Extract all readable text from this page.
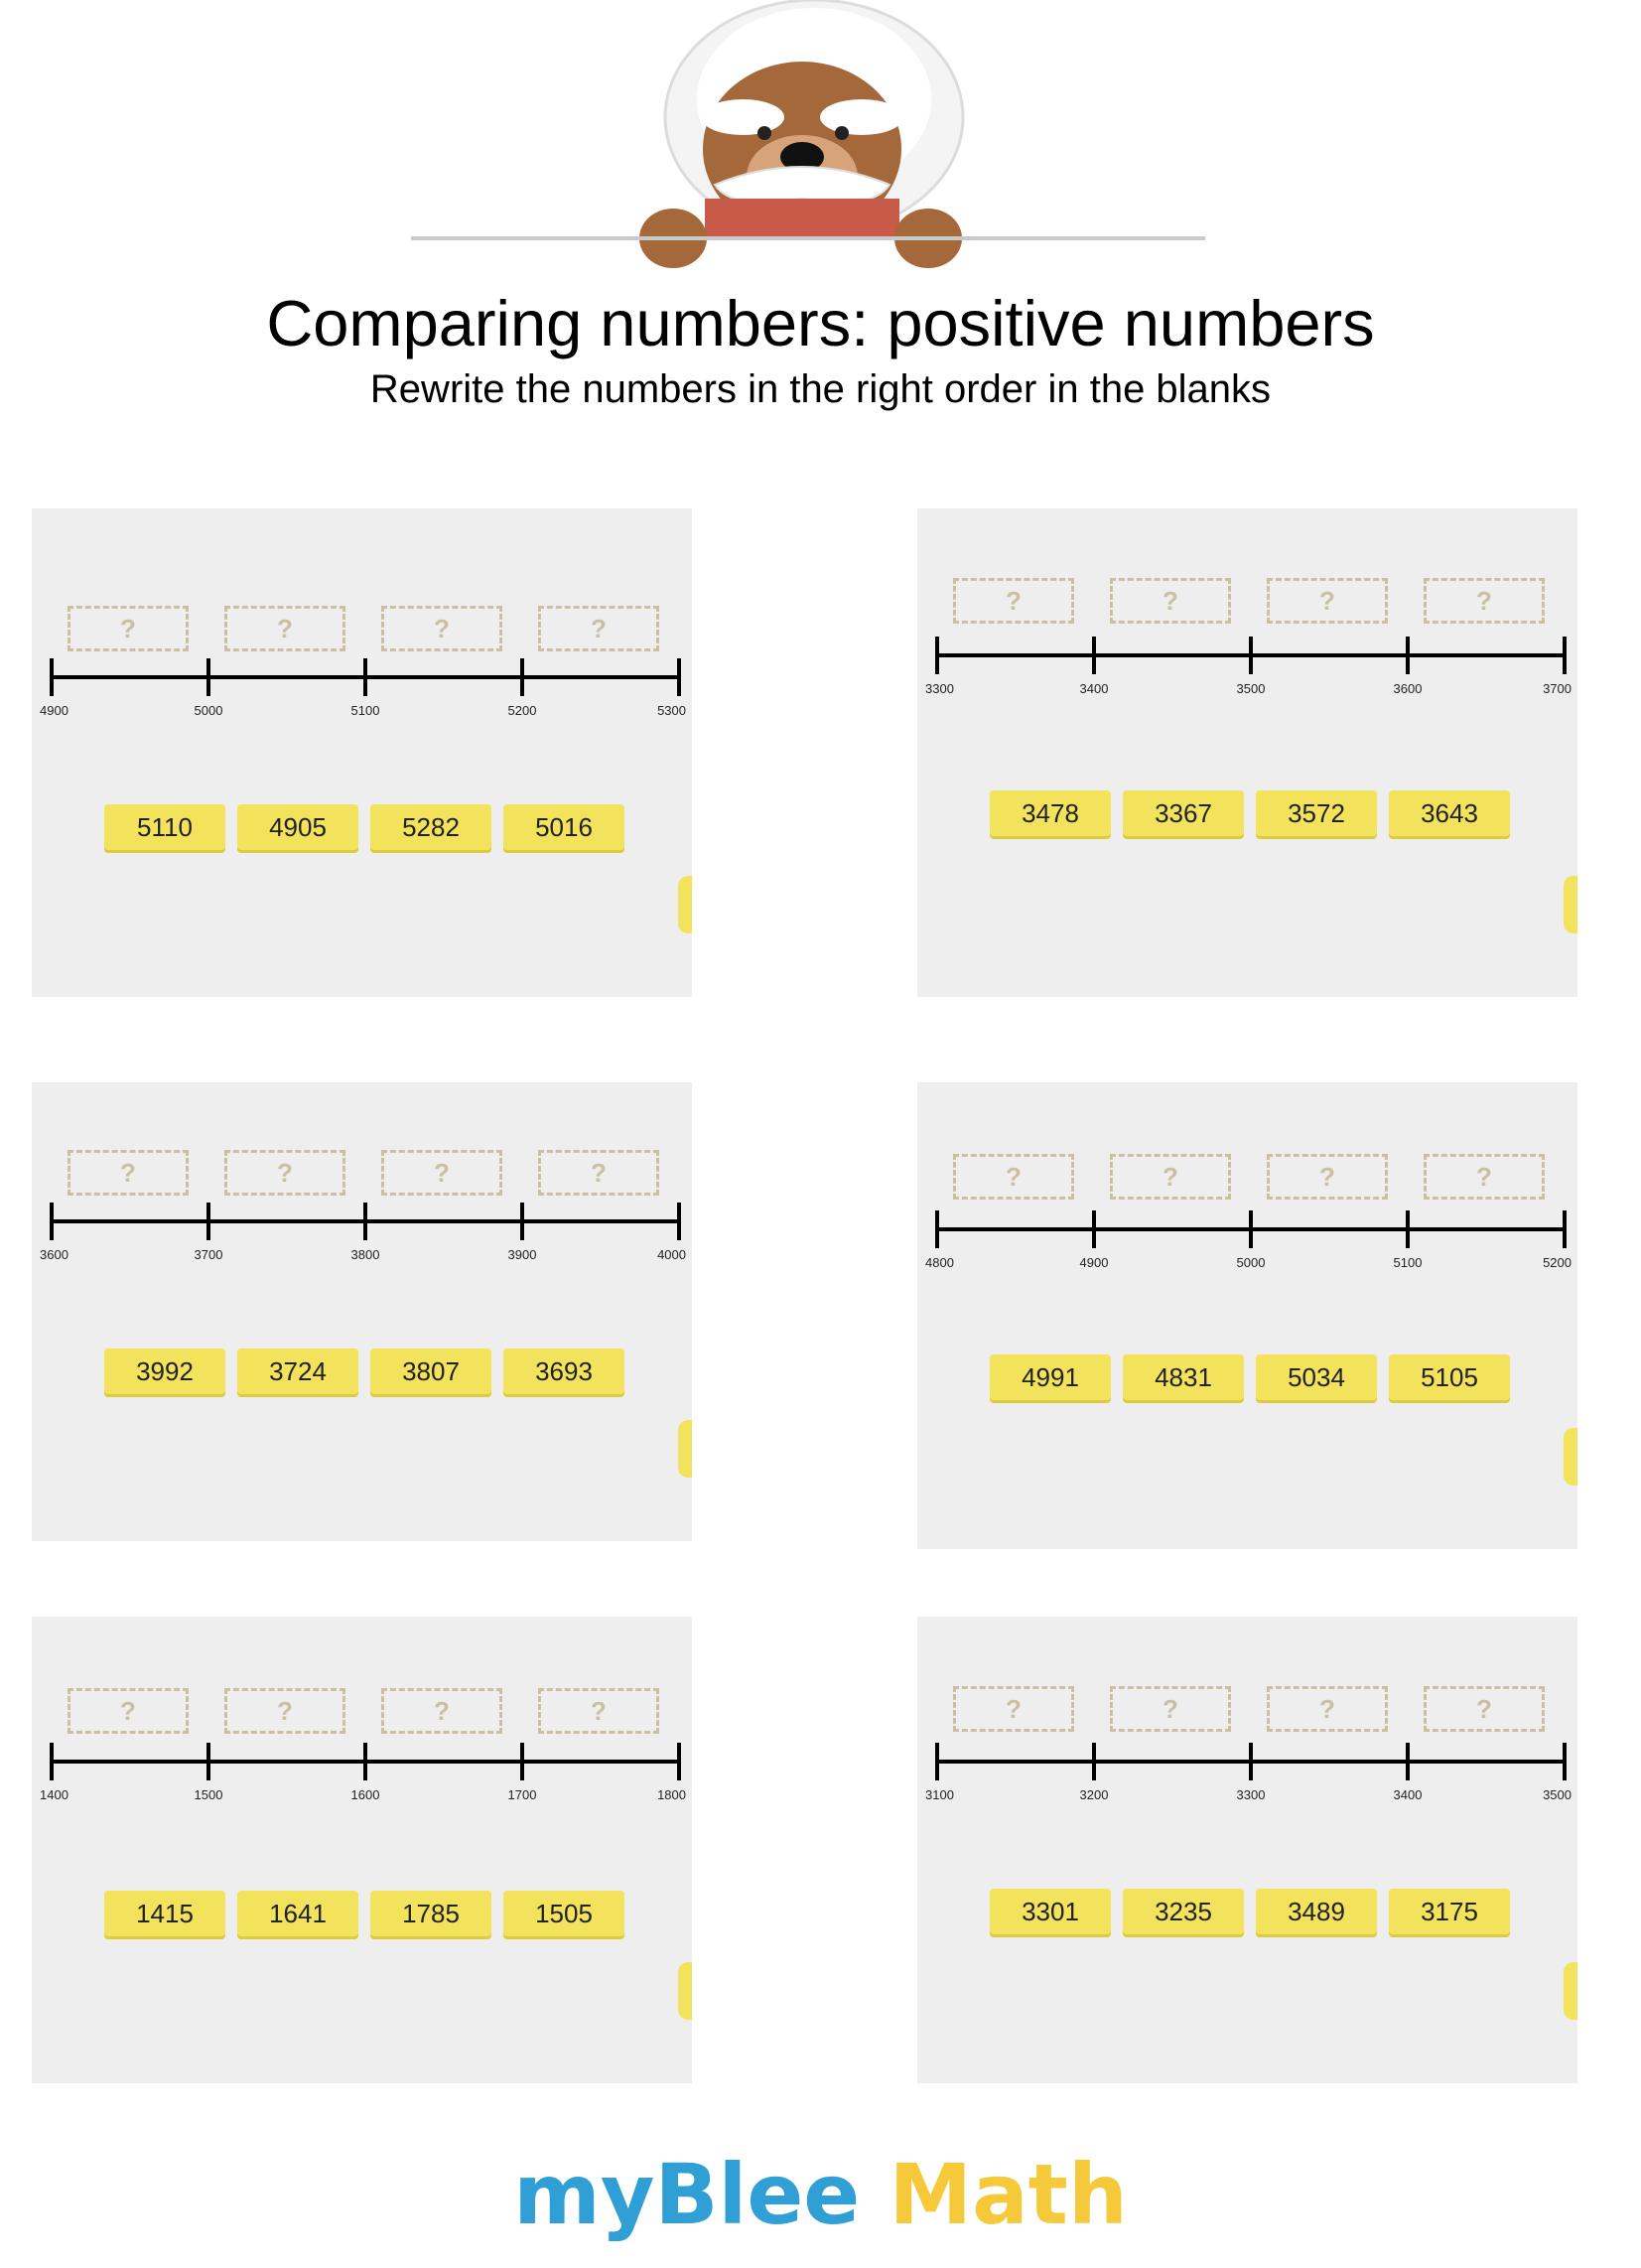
Comparing numbers: positive numbers
Rewrite the numbers in the right order in the blanks
?	?	?	?
4900	5000	5100	5200	5300
5110	4905	5282	5016
?	?	?	?
3300	3400	3500	3600	3700
3478	3367	3572	3643
?	?	?	?
3600	3700	3800	3900	4000
3992	3724	3807	3693
?	?	?	?
4800	4900	5000	5100	5200
4991	4831	5034	5105
?	?	?	?
1400	1500	1600	1700	1800
1415	1641	1785	1505
?	?	?	?
3100	3200	3300	3400	3500
3301	3235	3489	3175
myBlee Math
